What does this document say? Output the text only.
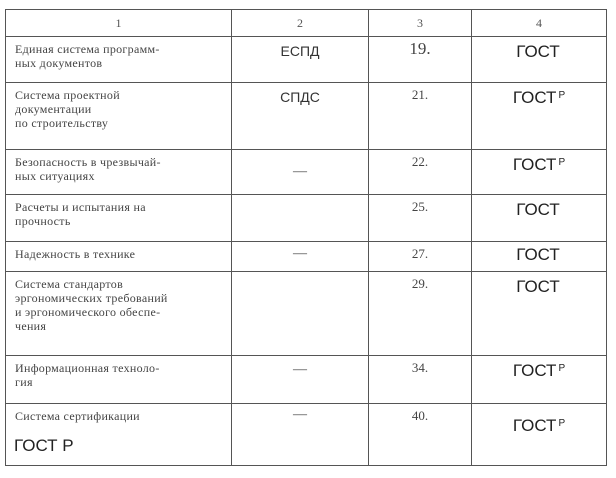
1	2	3	4

Единая система программ-
ных документов	ЕСПД	19.	ГОСТ

Система проектной
документации
по строительству	СПДС	21.	ГОСТ $^Р$

Безопасность в чрезвычай-
ных ситуациях	—	22.	ГОСТ $^Р$

Расчеты и испытания на
прочность		25.	ГОСТ

Надежность в технике	—	27.	ГОСТ

Система стандартов
эргономических требований
и эргономического обеспе-
чения		29.	ГОСТ

Информационная техноло-
гия	—	34.	ГОСТ $^Р$

Система сертификации
ГОСТ Р	—	40.	ГОСТ $^Р$
